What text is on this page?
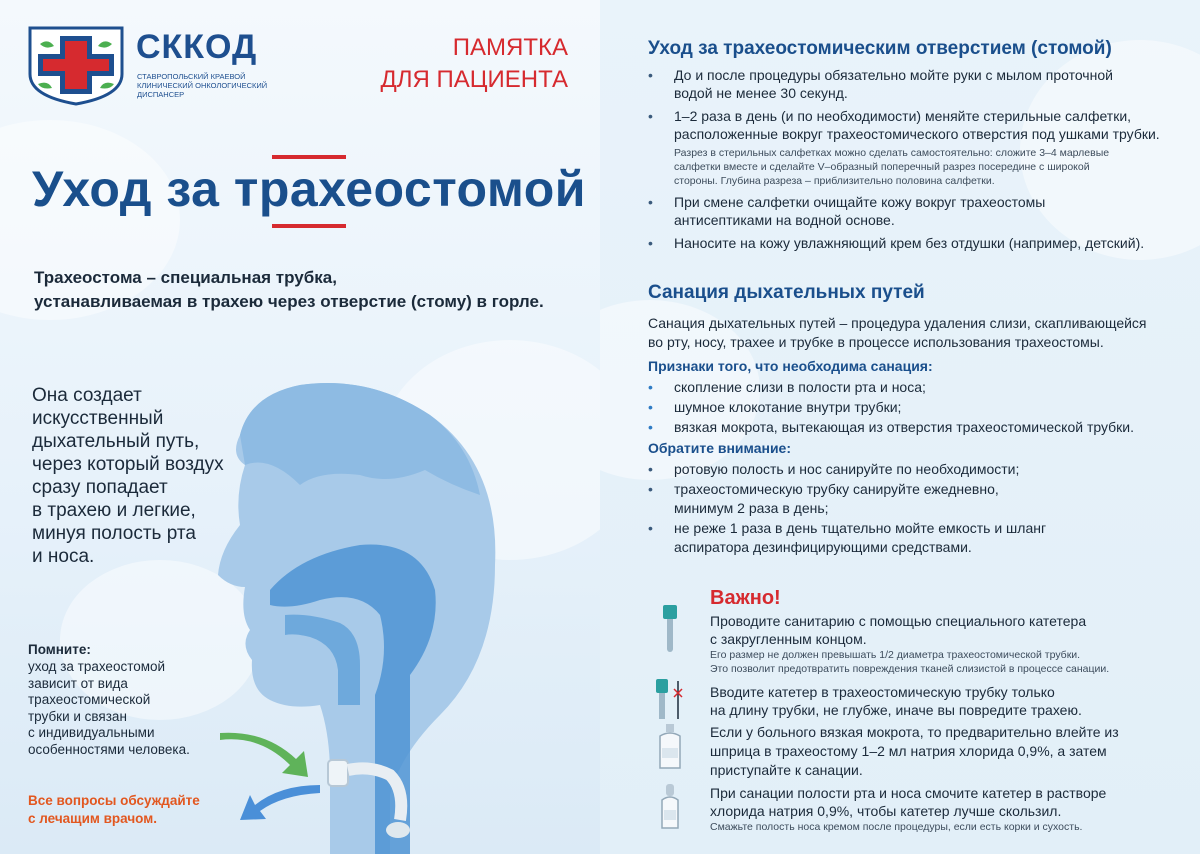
СККОД
СТАВРОПОЛЬСКИЙ КРАЕВОЙ КЛИНИЧЕСКИЙ ОНКОЛОГИЧЕСКИЙ ДИСПАНСЕР
ПАМЯТКА
ДЛЯ ПАЦИЕНТА
Уход за трахеостомой
Трахеостома – специальная трубка,
устанавливаемая в трахею через отверстие (стому) в горле.
Она создает
искусственный
дыхательный путь,
через который воздух
сразу попадает
в трахею и легкие,
минуя полость рта
и носа.
Помните:
уход за трахеостомой
зависит от вида
трахеостомической
трубки и связан
с индивидуальными
особенностями человека.
Все вопросы обсуждайте
с лечащим врачом.
Уход за трахеостомическим отверстием (стомой)
• До и после процедуры обязательно мойте руки с мылом проточной
водой не менее 30 секунд.
• 1–2 раза в день (и по необходимости) меняйте стерильные салфетки,
расположенные вокруг трахеостомического отверстия под ушками трубки.
Разрез в стерильных салфетках можно сделать самостоятельно: сложите 3–4 марлевые
салфетки вместе и сделайте V–образный поперечный разрез посередине с широкой
стороны. Глубина разреза – приблизительно половина салфетки.
• При смене салфетки очищайте кожу вокруг трахеостомы
антисептиками на водной основе.
• Наносите на кожу увлажняющий крем без отдушки (например, детский).
Санация дыхательных путей
Санация дыхательных путей – процедура удаления слизи, скапливающейся
во рту, носу, трахее и трубке в процессе использования трахеостомы.
Признаки того, что необходима санация:
• скопление слизи в полости рта и носа;
• шумное клокотание внутри трубки;
• вязкая мокрота, вытекающая из отверстия трахеостомической трубки.
Обратите внимание:
• ротовую полость и нос санируйте по необходимости;
• трахеостомическую трубку санируйте ежедневно,
минимум 2 раза в день;
• не реже 1 раза в день тщательно мойте емкость и шланг
аспиратора дезинфицирующими средствами.
Важно!
Проводите санитарию с помощью специального катетера
с закругленным концом.
Его размер не должен превышать 1/2 диаметра трахеостомической трубки.
Это позволит предотвратить повреждения тканей слизистой в процессе санации.
Вводите катетер в трахеостомическую трубку только
на длину трубки, не глубже, иначе вы повредите трахею.
Если у больного вязкая мокрота, то предварительно влейте из
шприца в трахеостому 1–2 мл натрия хлорида 0,9%, а затем
приступайте к санации.
При санации полости рта и носа смочите катетер в растворе
хлорида натрия 0,9%, чтобы катетер лучше скользил.
Смажьте полость носа кремом после процедуры, если есть корки и сухость.
